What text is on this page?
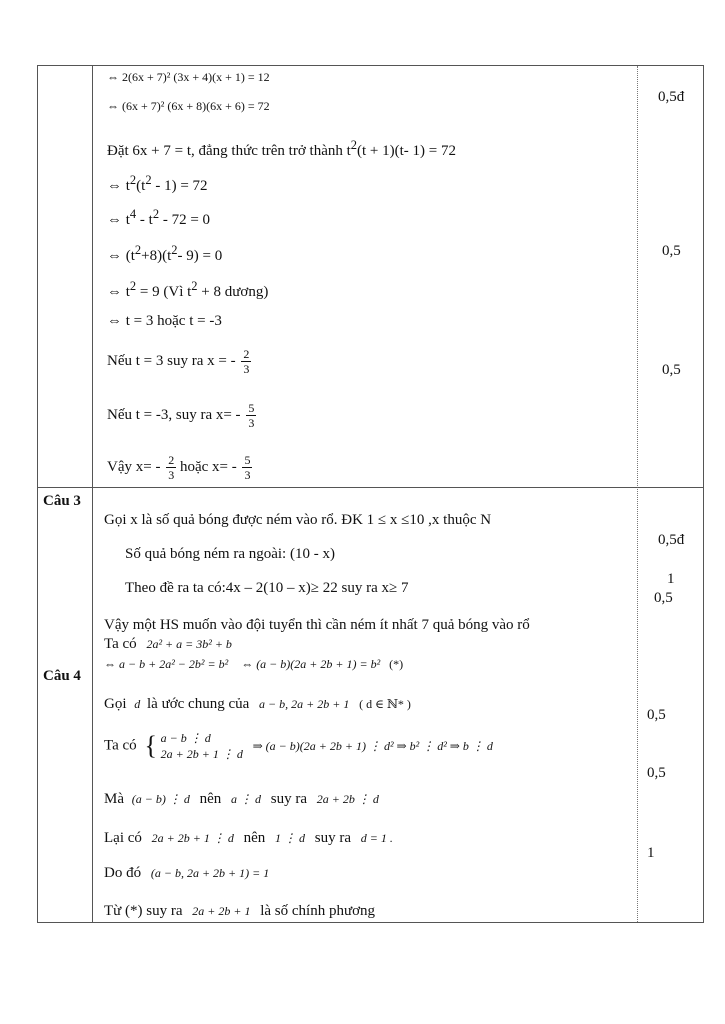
Câu 3
Câu 4
⇔ 2(6x + 7)² (3x + 4)(x + 1) = 12
⇔ (6x + 7)² (6x + 8)(6x + 6) = 72
Đặt 6x + 7 = t, đẳng thức trên trở thành $t^2(t + 1)(t-$ 1) = 72
⇔ $t^2(t^2 - 1) = 72$
⇔ $t^4 - t^2 - 72 = 0$
⇔ $(t^2+8)(t^2-$ 9) = 0
⇔ $t^2 = 9$ (Vì $t^2 + 8$ dương)
⇔ t = 3 hoặc t = -3
Nếu t = 3 suy ra x = - $\frac{2}{3}$
Nếu t = -3, suy ra $x= - \frac{5}{3}$
Vậy $x= - \frac{2}{3}$ hoặc $x= - \frac{5}{3}$
Gọi x là số quả bóng được ném vào rổ. ĐK 1 ≤ x ≤10 ,x thuộc N
Số quả bóng ném ra ngoài: (10 - x)
Theo đề ra ta có:4x – 2(10 – x)≥ 22 suy ra x≥ 7
Vậy một HS muốn vào đội tuyển thì cần ném ít nhất 7 quả bóng vào rổ
Ta có 2a² + a = 3b² + b
⇔ a − b + 2a² − 2b² = b² ⇔ (a − b)(2a + 2b + 1) = b² (*)
Gọi d là ước chung của a − b, 2a + 2b + 1 ( d ∈ ℕ* )
Ta có { a − b ⋮ d
2a + 2b + 1 ⋮ d
⇒ (a − b)(2a + 2b + 1) ⋮ d² ⇒ b² ⋮ d² ⇒ b ⋮ d
Mà (a − b) ⋮ d nên a ⋮ d suy ra 2a + 2b ⋮ d
Lại có 2a + 2b + 1 ⋮ d nên 1 ⋮ d suy ra d = 1 .
Do đó (a − b, 2a + 2b + 1) = 1
Từ (*) suy ra 2a + 2b + 1 là số chính phương
0,5đ
0,5
0,5
0,5đ
1
0,5
0,5
0,5
1
